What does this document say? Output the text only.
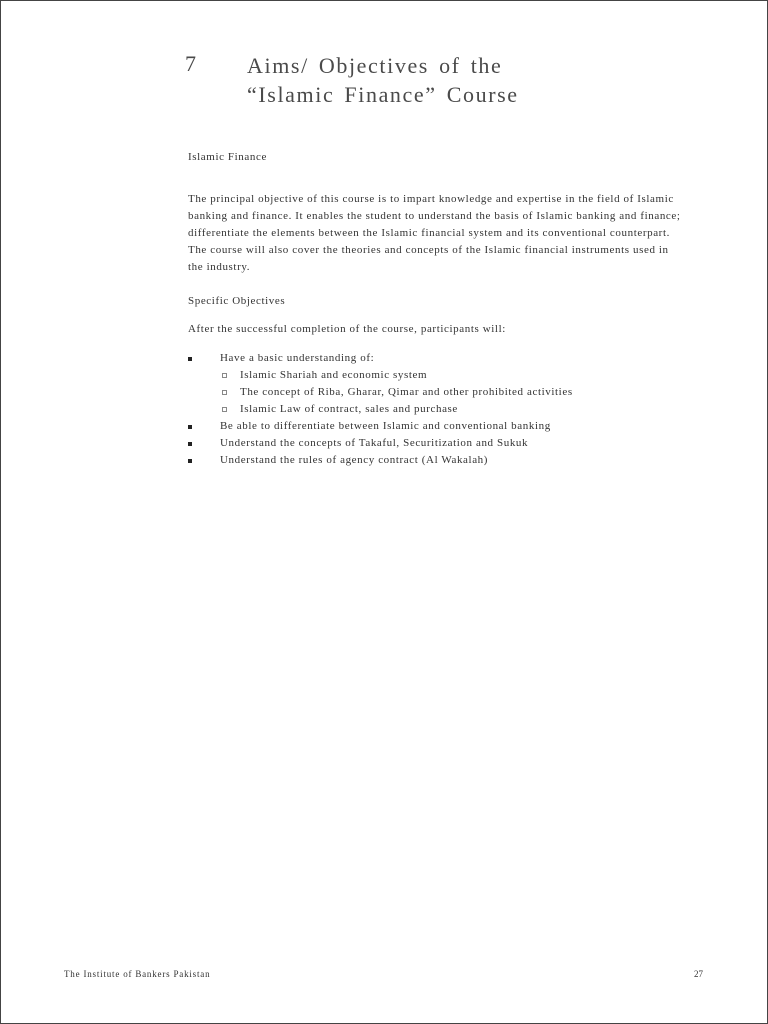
7 Aims/ Objectives of the
“Islamic Finance” Course
Islamic Finance
The principal objective of this course is to impart knowledge and expertise in the field of Islamic
banking and finance. It enables the student to understand the basis of Islamic banking and finance;
differentiate the elements between the Islamic financial system and its conventional counterpart.
The course will also cover the theories and concepts of the Islamic financial instruments used in
the industry.
Specific Objectives
After the successful completion of the course, participants will:
Have a basic understanding of:
Islamic Shariah and economic system
The concept of Riba, Gharar, Qimar and other prohibited activities
Islamic Law of contract, sales and purchase
Be able to differentiate between Islamic and conventional banking
Understand the concepts of Takaful, Securitization and Sukuk
Understand the rules of agency contract (Al Wakalah)
The Institute of Bankers Pakistan	27
